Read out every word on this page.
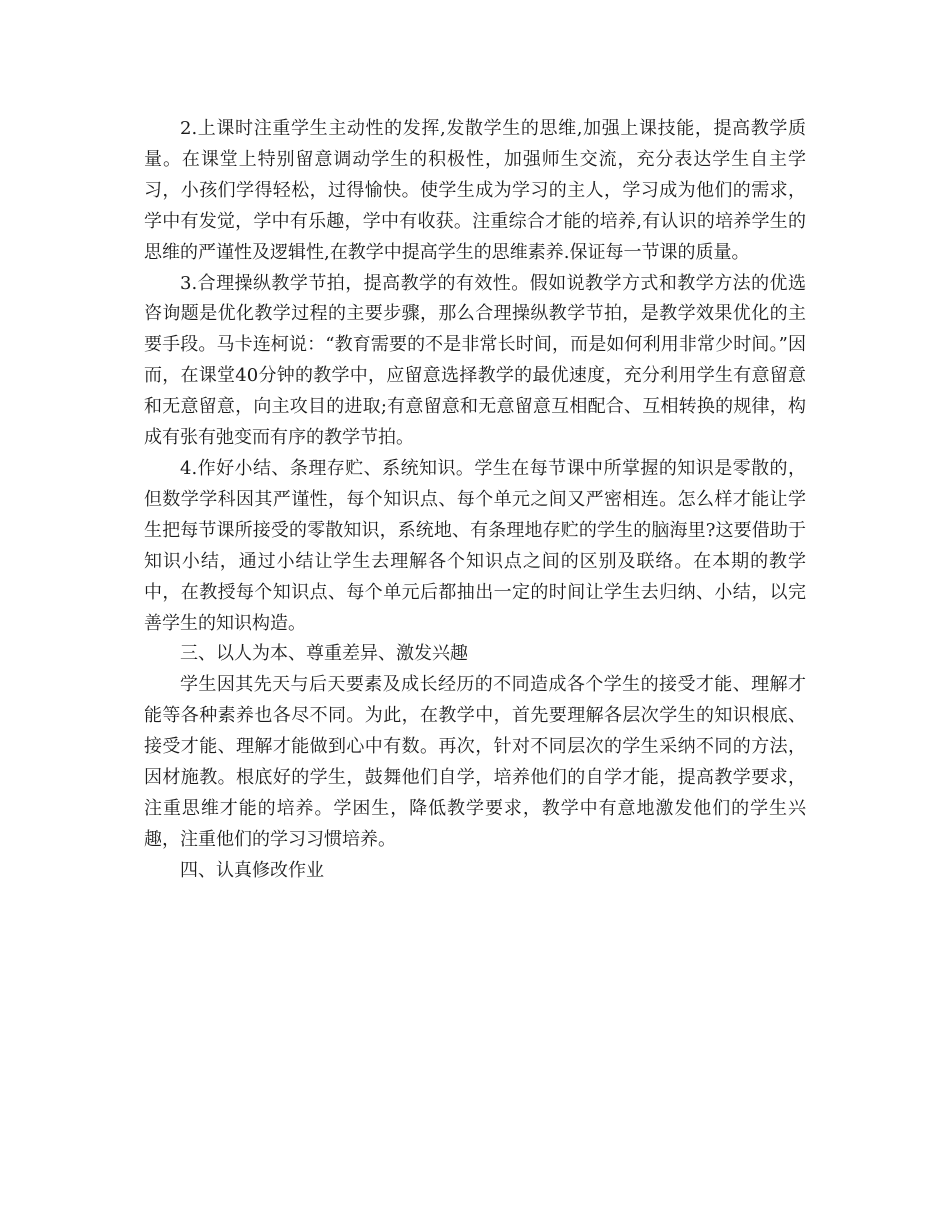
2.上课时注重学生主动性的发挥,发散学生的思维,加强上课技能，提高教学质量。在课堂上特别留意调动学生的积极性，加强师生交流，充分表达学生自主学习，小孩们学得轻松，过得愉快。使学生成为学习的主人，学习成为他们的需求，学中有发觉，学中有乐趣，学中有收获。注重综合才能的培养,有认识的培养学生的思维的严谨性及逻辑性,在教学中提高学生的思维素养.保证每一节课的质量。

3.合理操纵教学节拍，提高教学的有效性。假如说教学方式和教学方法的优选咨询题是优化教学过程的主要步骤，那么合理操纵教学节拍，是教学效果优化的主要手段。马卡连柯说：“教育需要的不是非常长时间，而是如何利用非常少时间。”因而，在课堂40分钟的教学中，应留意选择教学的最优速度，充分利用学生有意留意和无意留意，向主攻目的进取;有意留意和无意留意互相配合、互相转换的规律，构成有张有弛变而有序的教学节拍。

4.作好小结、条理存贮、系统知识。学生在每节课中所掌握的知识是零散的，但数学学科因其严谨性，每个知识点、每个单元之间又严密相连。怎么样才能让学生把每节课所接受的零散知识，系统地、有条理地存贮的学生的脑海里?这要借助于知识小结，通过小结让学生去理解各个知识点之间的区别及联络。在本期的教学中，在教授每个知识点、每个单元后都抽出一定的时间让学生去归纳、小结，以完善学生的知识构造。

三、以人为本、尊重差异、激发兴趣

学生因其先天与后天要素及成长经历的不同造成各个学生的接受才能、理解才能等各种素养也各尽不同。为此，在教学中，首先要理解各层次学生的知识根底、接受才能、理解才能做到心中有数。再次，针对不同层次的学生采纳不同的方法，因材施教。根底好的学生，鼓舞他们自学，培养他们的自学才能，提高教学要求，注重思维才能的培养。学困生，降低教学要求，教学中有意地激发他们的学生兴趣，注重他们的学习习惯培养。

四、认真修改作业
